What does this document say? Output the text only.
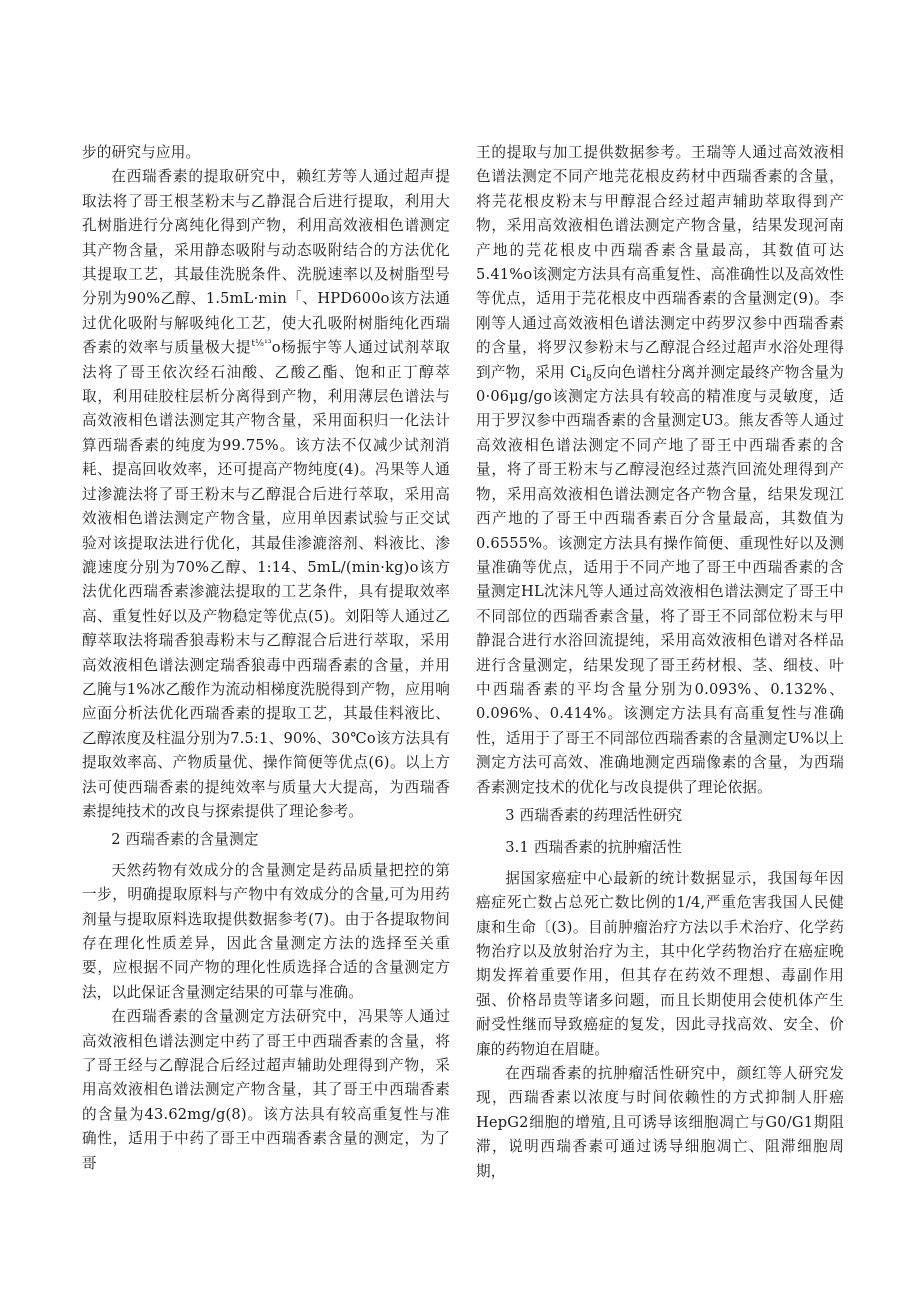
步的研究与应用。

在西瑞香素的提取研究中，赖红芳等人通过超声提取法将了哥王根茎粉末与乙静混合后进行提取，利用大孔树脂进行分离纯化得到产物，利用高效液相色谱测定其产物含量，采用静态吸附与动态吸附结合的方法优化其提取工艺，其最佳洗脱条件、洗脱速率以及树脂型号分别为90%乙醇、1.5mL·min「、HPD600o该方法通过优化吸附与解吸纯化工艺，使大孔吸附树脂纯化西瑞香素的效率与质量极大提$^{t\frac{1}{8}^{13}}$o杨振宇等人通过试剂萃取法将了哥王依次经石油酸、乙酸乙酯、饱和正丁醇萃取，利用硅胶柱层析分离得到产物，利用薄层色谱法与高效液相色谱法测定其产物含量，采用面积归一化法计算西瑞香素的纯度为99.75%。该方法不仅减少试剂消耗、提高回收效率，还可提高产物纯度(4)。冯果等人通过渗漉法将了哥王粉末与乙醇混合后进行萃取，采用高效液相色谱法测定产物含量，应用单因素试验与正交试验对该提取法进行优化，其最佳渗漉溶剂、料液比、渗漉速度分别为70%乙醇、1:14、5mL/(min·kg)o该方法优化西瑞香素渗漉法提取的工艺条件，具有提取效率高、重复性好以及产物稳定等优点(5)。刘阳等人通过乙醇萃取法将瑞香狼毒粉末与乙醇混合后进行萃取，采用高效液相色谱法测定瑞香狼毒中西瑞香素的含量，并用乙腌与1%冰乙酸作为流动相梯度洗脱得到产物，应用响应面分析法优化西瑞香素的提取工艺，其最佳料液比、乙醇浓度及柱温分别为7.5:1、90%、30℃o该方法具有提取效率高、产物质量优、操作简便等优点(6)。以上方法可使西瑞香素的提纯效率与质量大大提高，为西瑞香素提纯技术的改良与探索提供了理论参考。

2 西瑞香素的含量测定

天然药物有效成分的含量测定是药品质量把控的第一步，明确提取原料与产物中有效成分的含量,可为用药剂量与提取原料选取提供数据参考(7)。由于各提取物间存在理化性质差异，因此含量测定方法的选择至关重要，应根据不同产物的理化性质选择合适的含量测定方法，以此保证含量测定结果的可靠与准确。

在西瑞香素的含量测定方法研究中，冯果等人通过高效液相色谱法测定中药了哥王中西瑞香素的含量，将了哥王经与乙醇混合后经过超声辅助处理得到产物，采用高效液相色谱法测定产物含量，其了哥王中西瑞香素的含量为43.62mg/g(8)。该方法具有较高重复性与准确性，适用于中药了哥王中西瑞香素含量的测定，为了哥

王的提取与加工提供数据参考。王瑞等人通过高效液相色谱法测定不同产地芫花根皮药材中西瑞香素的含量，将芫花根皮粉末与甲醇混合经过超声辅助萃取得到产物，采用高效液相色谱法测定产物含量，结果发现河南产地的芫花根皮中西瑞香素含量最高，其数值可达5.41%o该测定方法具有高重复性、高准确性以及高效性等优点，适用于芫花根皮中西瑞香素的含量测定(9)。李刚等人通过高效液相色谱法测定中药罗汉参中西瑞香素的含量，将罗汉参粉末与乙醇混合经过超声水浴处理得到产物，采用 $Ci_8$反向色谱柱分离并测定最终产物含量为0·06μg/go该测定方法具有较高的精准度与灵敏度，适用于罗汉参中西瑞香素的含量测定U3。熊友香等人通过高效液相色谱法测定不同产地了哥王中西瑞香素的含量，将了哥王粉末与乙醇浸泡经过蒸汽回流处理得到产物，采用高效液相色谱法测定各产物含量，结果发现江西产地的了哥王中西瑞香素百分含量最高，其数值为0.6555%。该测定方法具有操作简便、重现性好以及测量准确等优点，适用于不同产地了哥王中西瑞香素的含量测定HL沈沫凡等人通过高效液相色谱法测定了哥王中不同部位的西瑞香素含量，将了哥王不同部位粉末与甲静混合进行水浴回流提纯，采用高效液相色谱对各样品进行含量测定，结果发现了哥王药材根、茎、细枝、叶中西瑞香素的平均含量分别为0.093%、0.132%、0.096%、0.414%。该测定方法具有高重复性与准确性，适用于了哥王不同部位西瑞香素的含量测定U%以上测定方法可高效、准确地测定西瑞像素的含量，为西瑞香素测定技术的优化与改良提供了理论依据。

3 西瑞香素的药理活性研究
3.1 西瑞香素的抗肿瘤活性

据国家癌症中心最新的统计数据显示，我国每年因癌症死亡数占总死亡数比例的1/4,严重危害我国人民健康和生命〔(3)。目前肿瘤治疗方法以手术治疗、化学药物治疗以及放射治疗为主，其中化学药物治疗在癌症晚期发挥着重要作用，但其存在药效不理想、毒副作用强、价格昂贵等诸多问题，而且长期使用会使机体产生耐受性继而导致癌症的复发，因此寻找高效、安全、价廉的药物迫在眉睫。

在西瑞香素的抗肿瘤活性研究中，颜红等人研究发现，西瑞香素以浓度与时间依赖性的方式抑制人肝癌HepG2细胞的增殖,且可诱导该细胞凋亡与G0/G1期阻滞，说明西瑞香素可通过诱导细胞凋亡、阻滞细胞周期，
